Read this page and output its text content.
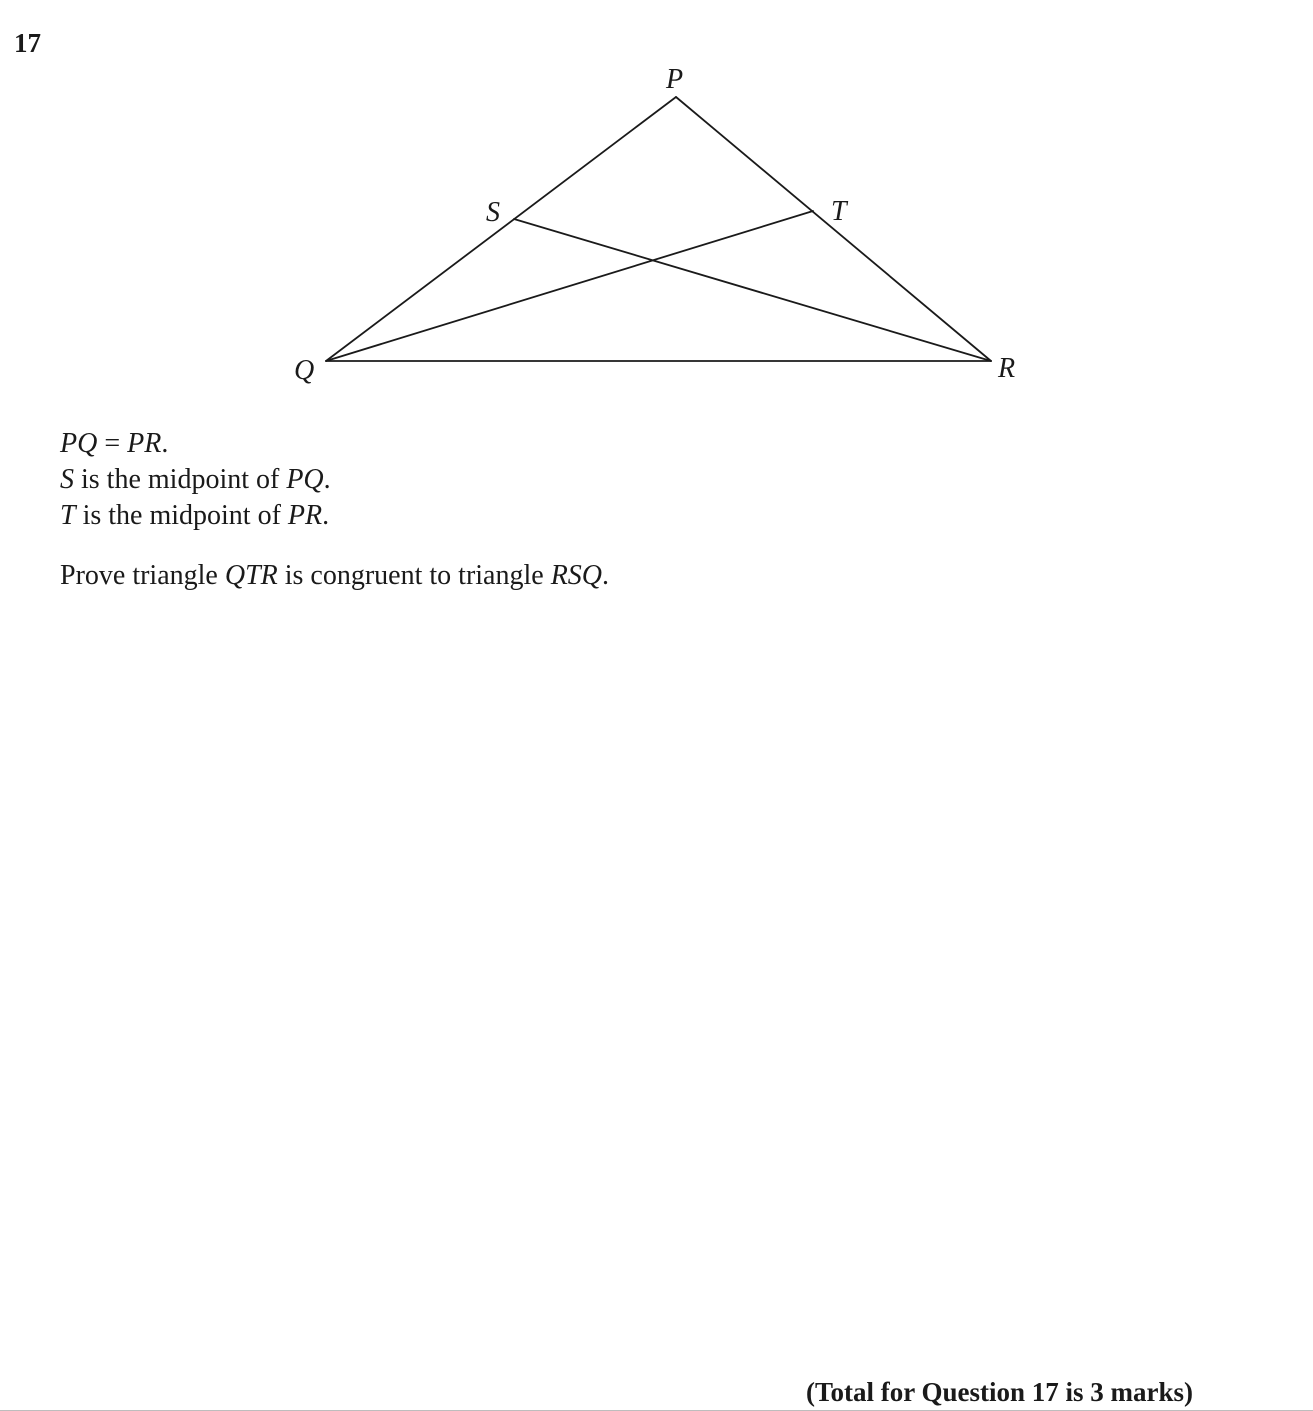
17
P
S	T
Q	R
PQ = PR.
S is the midpoint of PQ.
T is the midpoint of PR.
Prove triangle QTR is congruent to triangle RSQ.
(Total for Question 17 is 3 marks)
